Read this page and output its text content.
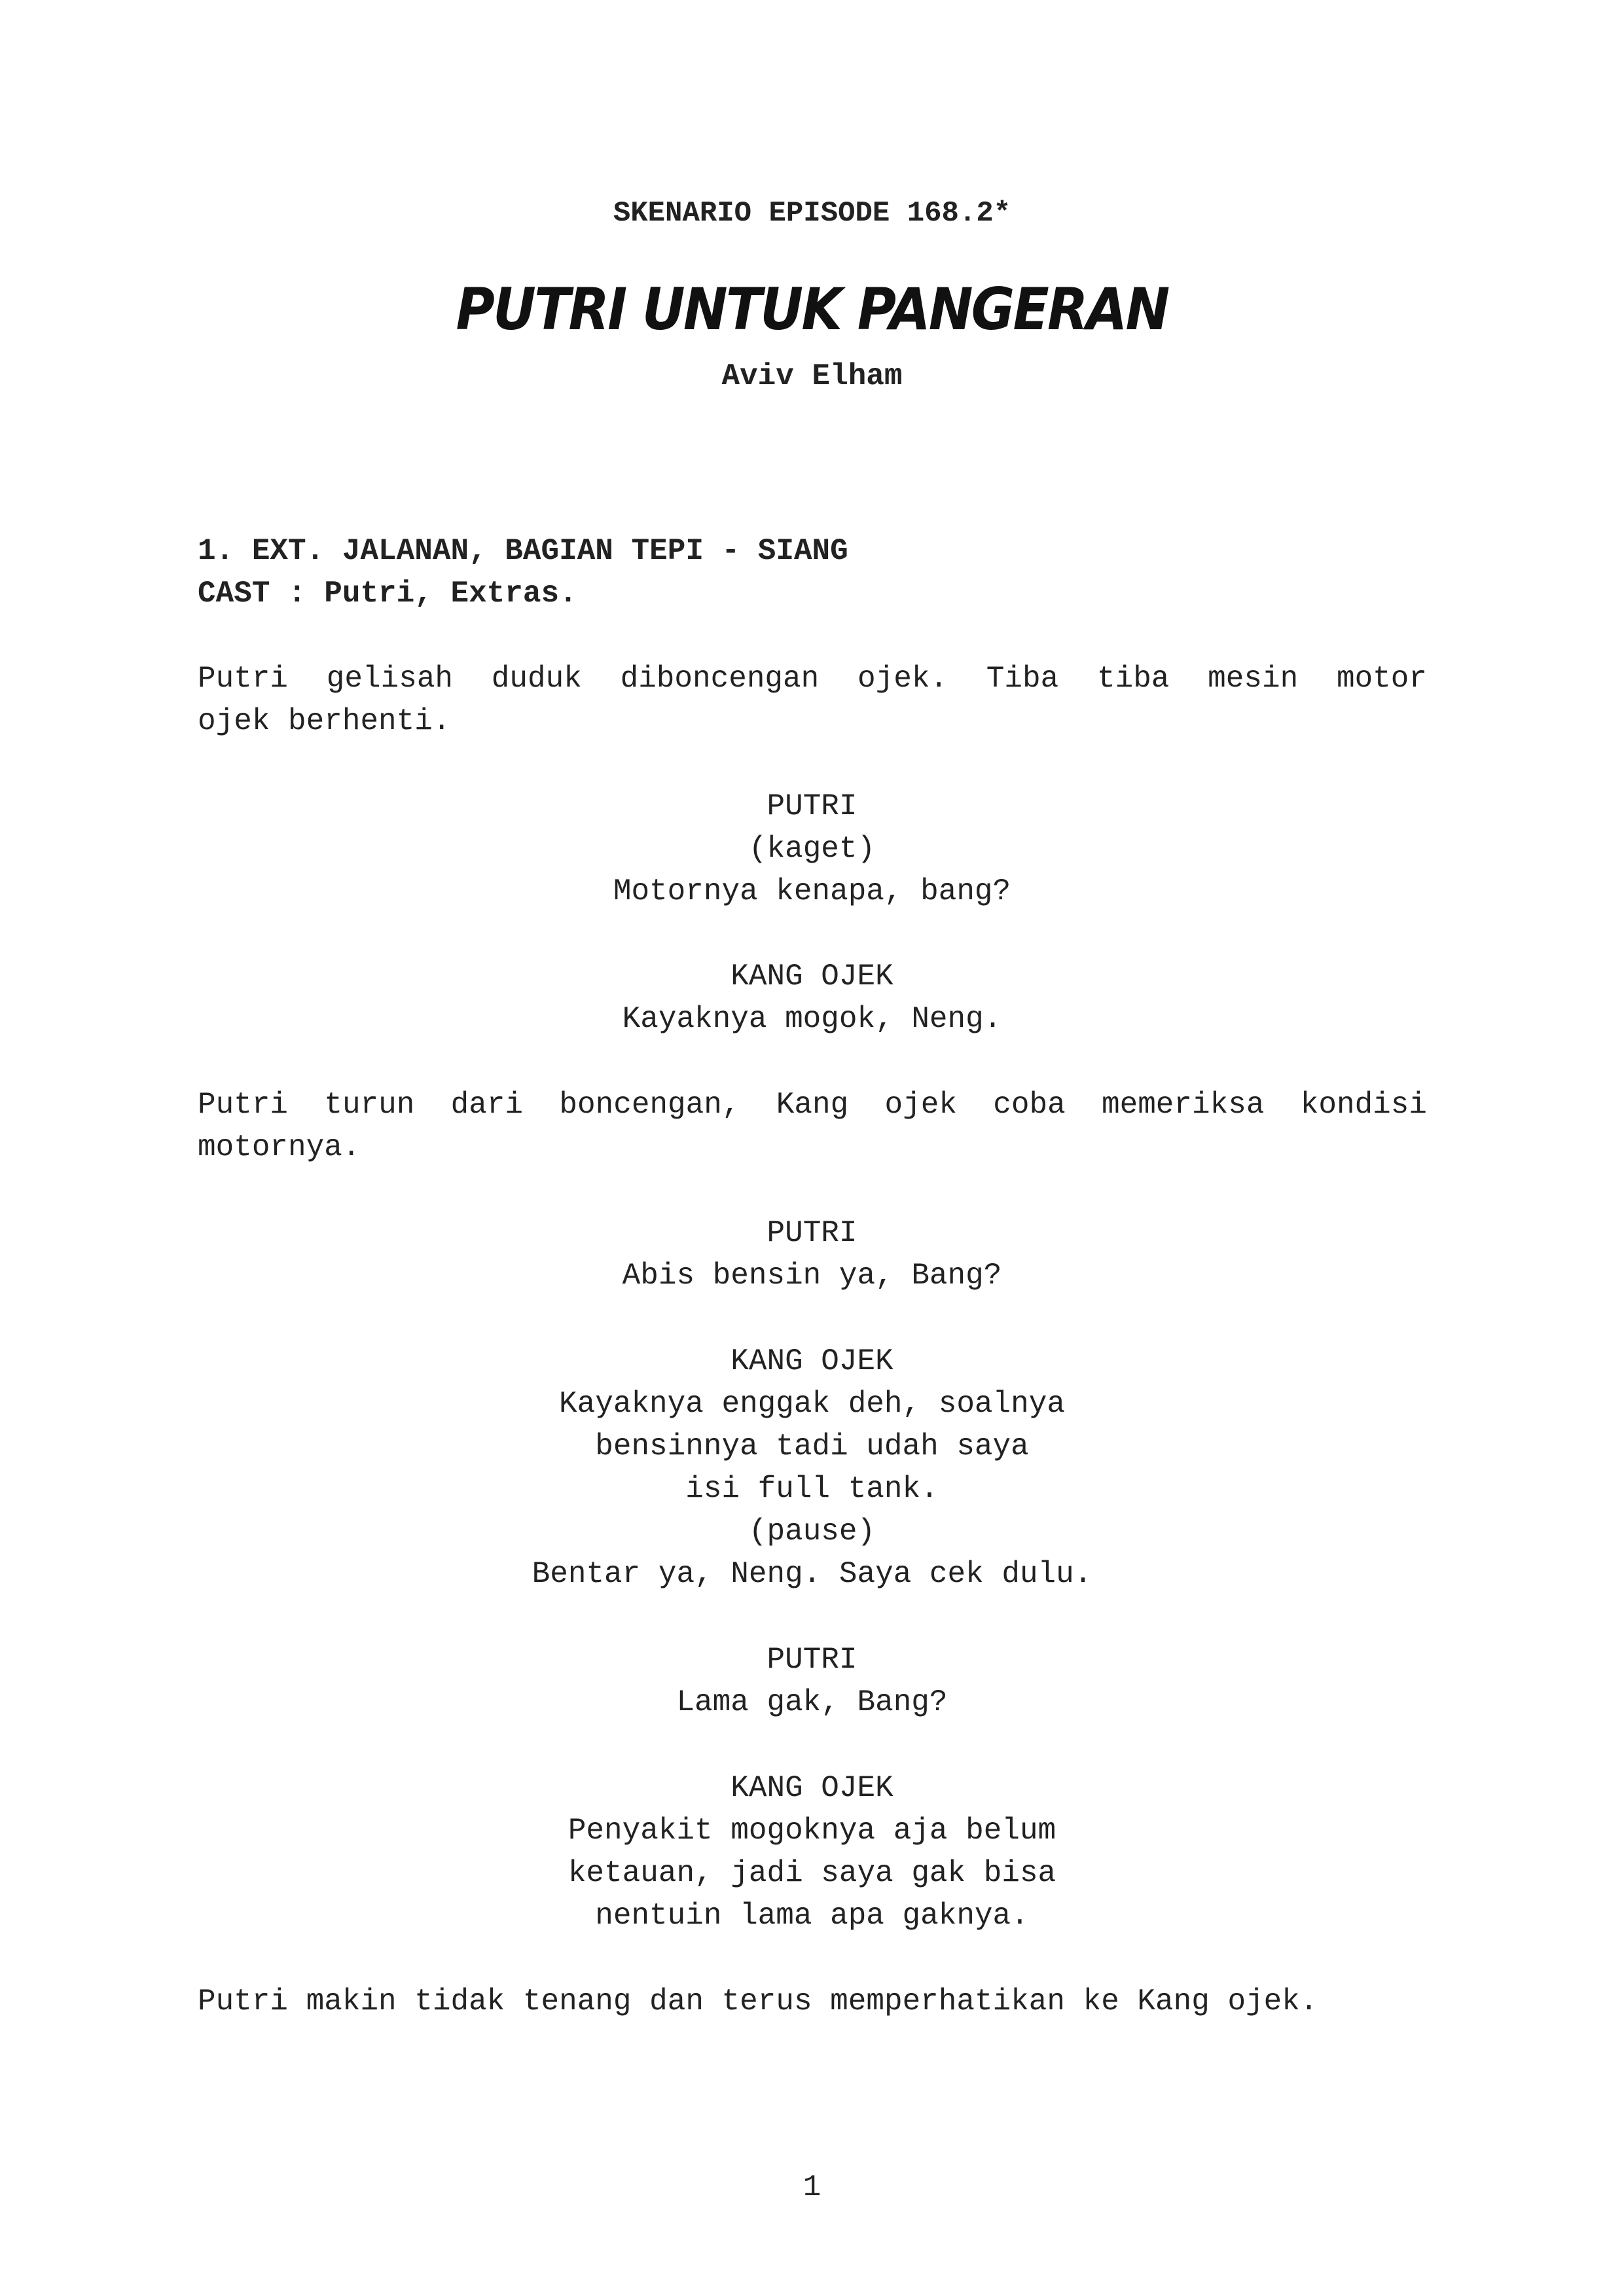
SKENARIO EPISODE 168.2*
PUTRI UNTUK PANGERAN
Aviv Elham
1. EXT. JALANAN, BAGIAN TEPI - SIANG
CAST : Putri, Extras.
Putri gelisah duduk diboncengan ojek. Tiba tiba mesin motor
ojek berhenti.
PUTRI
(kaget)
Motornya kenapa, bang?
KANG OJEK
Kayaknya mogok, Neng.
Putri turun dari boncengan, Kang ojek coba memeriksa kondisi
motornya.
PUTRI
Abis bensin ya, Bang?
KANG OJEK
Kayaknya enggak deh, soalnya
bensinnya tadi udah saya
isi full tank.
(pause)
Bentar ya, Neng. Saya cek dulu.
PUTRI
Lama gak, Bang?
KANG OJEK
Penyakit mogoknya aja belum
ketauan, jadi saya gak bisa
nentuin lama apa gaknya.
Putri makin tidak tenang dan terus memperhatikan ke Kang ojek.
1
